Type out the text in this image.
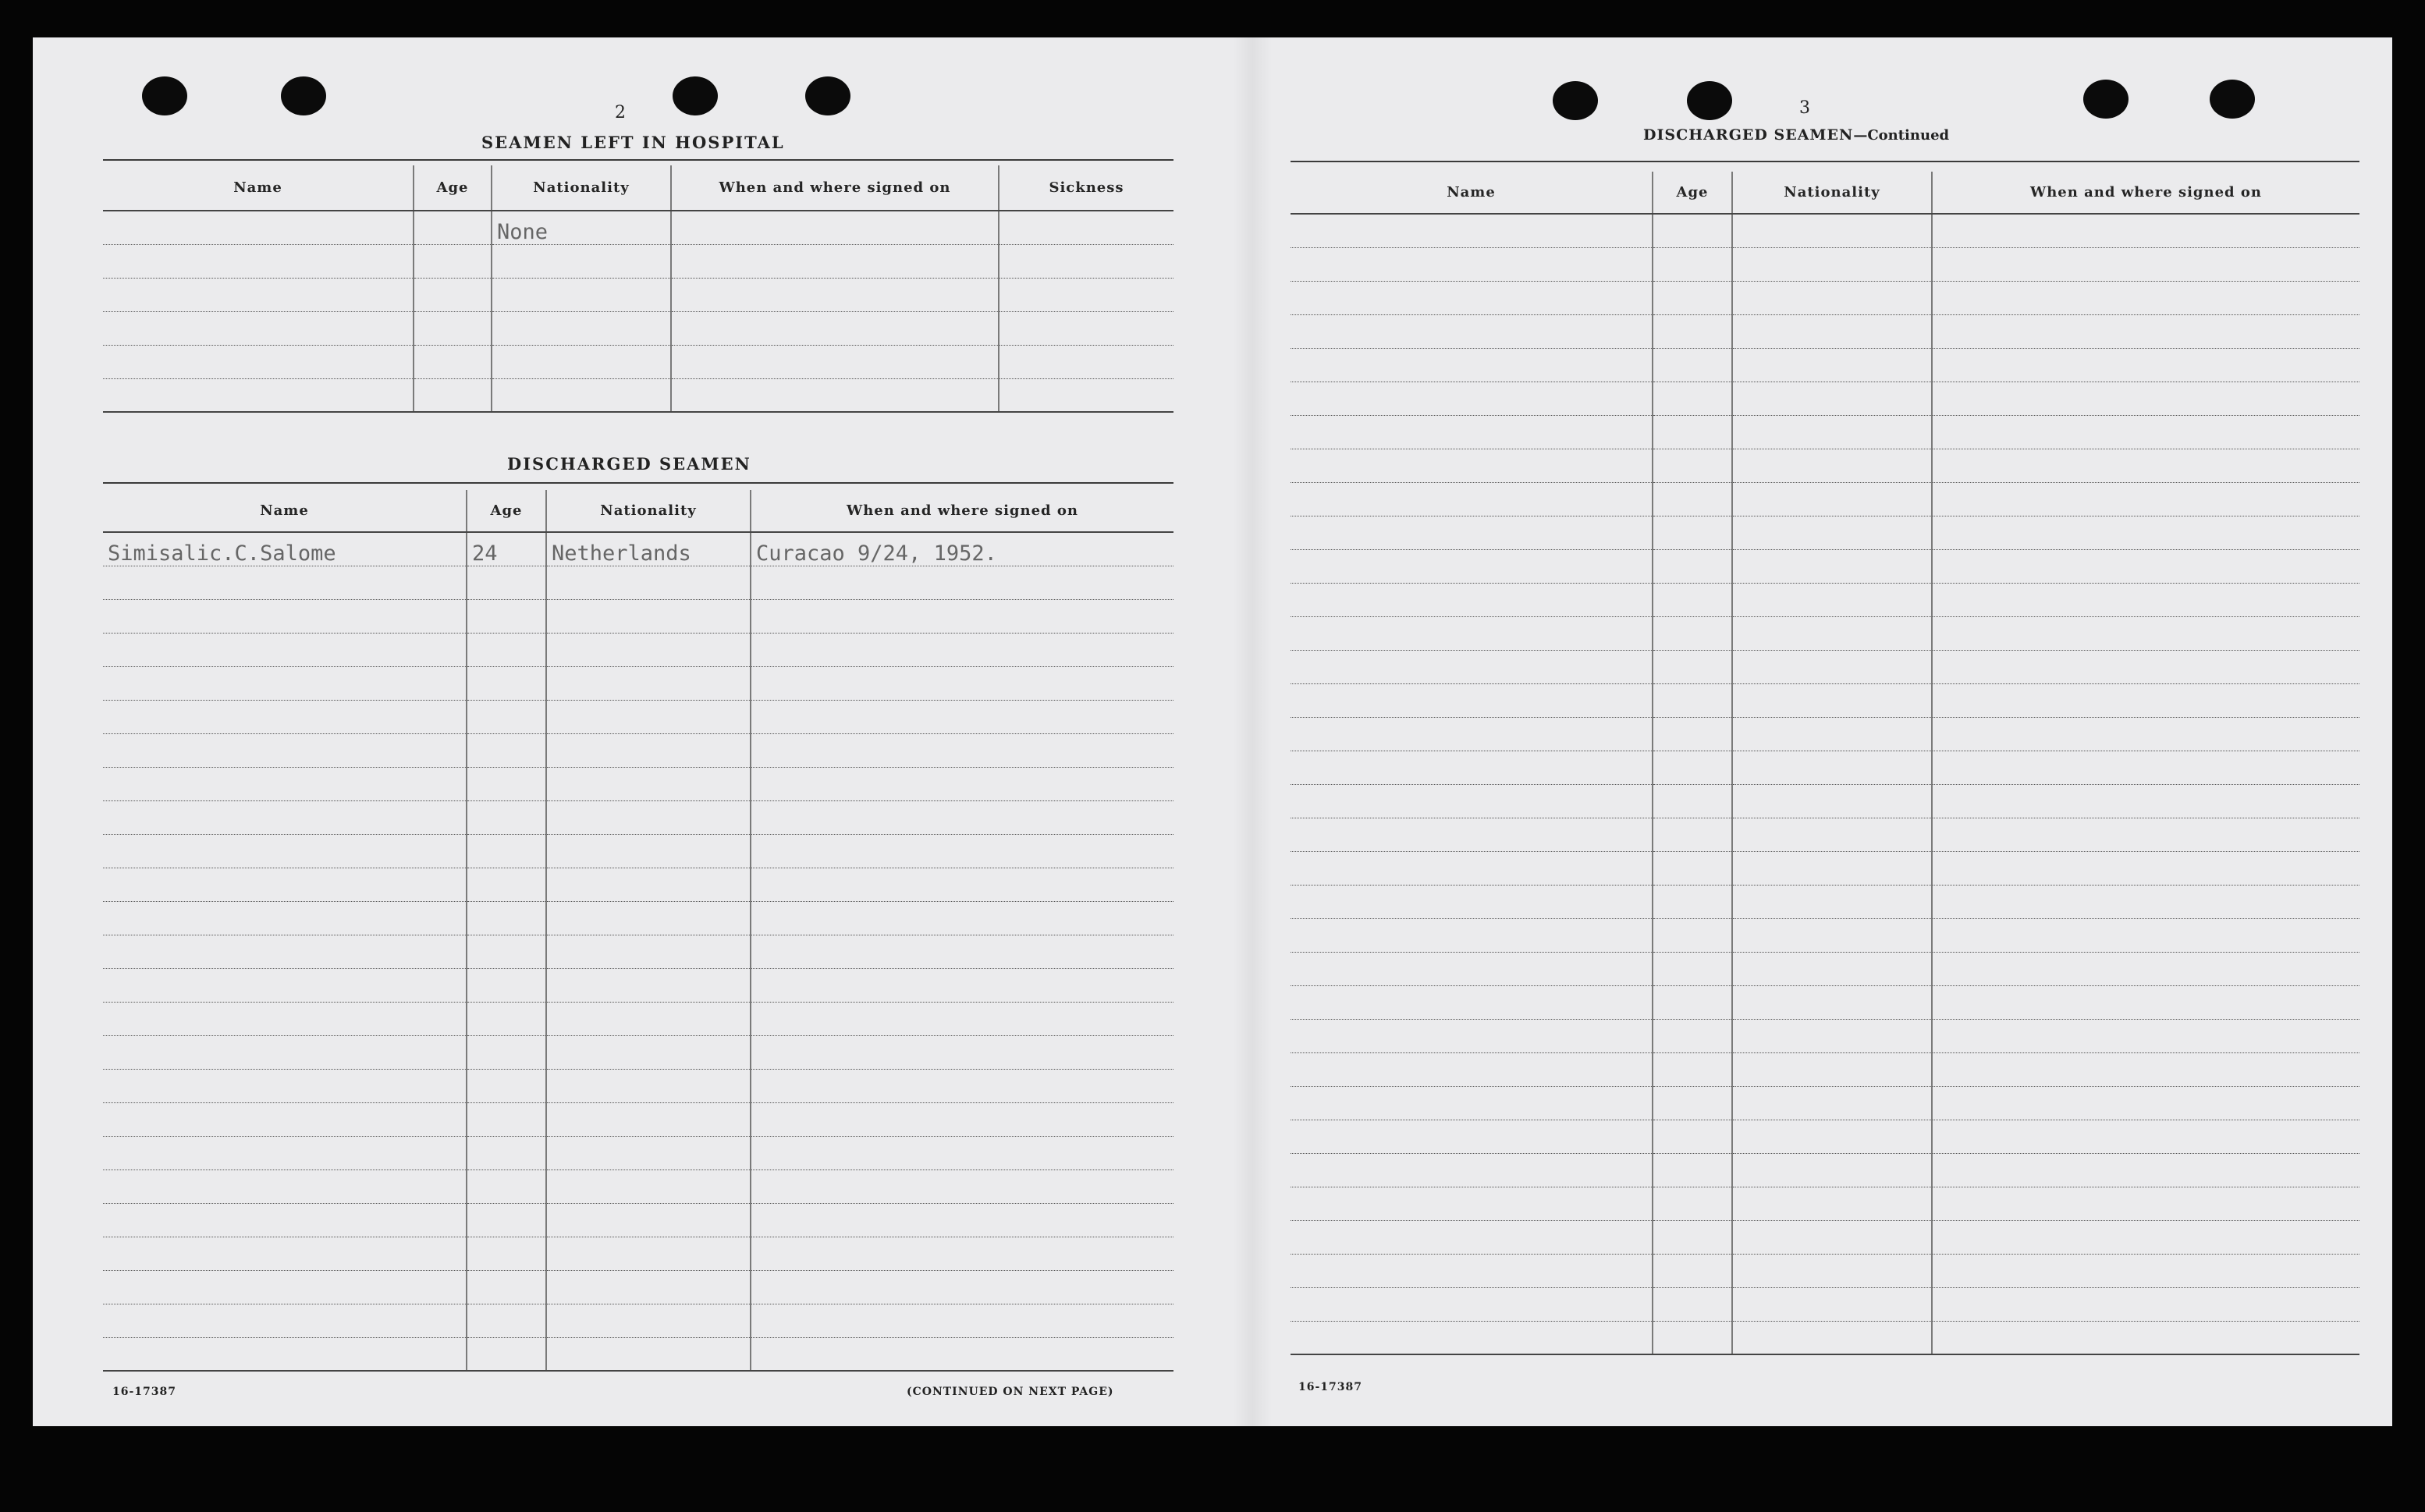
2
SEAMEN LEFT IN HOSPITAL
Name	Age	Nationality	When and where signed on	Sickness
		None		

DISCHARGED SEAMEN
Name	Age	Nationality	When and where signed on
Simisalic.C.Salome	24	Netherlands	Curacao 9/24, 1952.

16-17387	(CONTINUED ON NEXT PAGE)
3
DISCHARGED SEAMEN—Continued
Name	Age	Nationality	When and where signed on

16-17387
